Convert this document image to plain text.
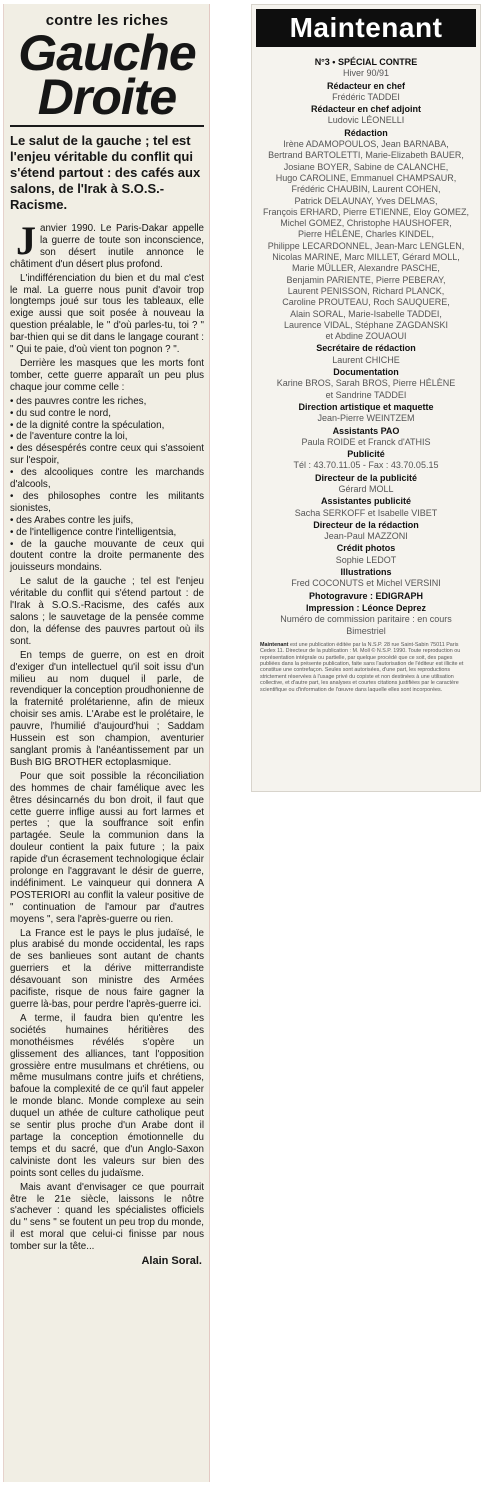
contre les riches
Gauche
Droite
Le salut de la gauche ; tel est l'enjeu véritable du conflit qui s'étend partout : des cafés aux salons, de l'Irak à S.O.S.-Racisme.
Janvier 1990. Le Paris-Dakar appelle la guerre de toute son inconscience, son désert inutile annonce le châtiment d'un désert plus profond.
L'indifférenciation du bien et du mal c'est le mal. La guerre nous punit d'avoir trop longtemps joué sur tous les tableaux, elle exige aussi que soit posée à nouveau la question préalable, le " d'où parles-tu, toi ? " bar-thien qui se dit dans le langage courant : " Qui te paie, d'où vient ton pognon ? ".
Derrière les masques que les morts font tomber, cette guerre apparaît un peu plus chaque jour comme celle :
• des pauvres contre les riches,
• du sud contre le nord,
• de la dignité contre la spéculation,
• de l'aventure contre la loi,
• des désespérés contre ceux qui s'assoient sur l'espoir,
• des alcooliques contre les marchands d'alcools,
• des philosophes contre les militants sionistes,
• des Arabes contre les juifs,
• de l'intelligence contre l'intelligentsia,
• de la gauche mouvante de ceux qui doutent contre la droite permanente des jouisseurs mondains.
Le salut de la gauche ; tel est l'enjeu véritable du conflit qui s'étend partout : de l'Irak à S.O.S.-Racisme, des cafés aux salons ; le sauvetage de la pensée comme don, la défense des pauvres partout où ils sont.
En temps de guerre, on est en droit d'exiger d'un intellectuel qu'il soit issu d'un milieu au nom duquel il parle, de revendiquer la conception proudhonienne de la fraternité prolétarienne, afin de mieux choisir ses amis. L'Arabe est le prolétaire, le pauvre, l'humilié d'aujourd'hui ; Saddam Hussein est son champion, aventurier sanglant promis à l'anéantissement par un Bush BIG BROTHER ectoplasmique.
Pour que soit possible la réconciliation des hommes de chair famélique avec les êtres désincarnés du bon droit, il faut que cette guerre inflige aussi au fort larmes et pertes ; que la souffrance soit enfin partagée. Seule la communion dans la douleur contient la paix future ; la paix rapide d'un écrasement technologique éclair prolonge en l'aggravant le désir de guerre, indéfiniment. Le vainqueur qui donnera A POSTERIORI au conflit la valeur positive de " continuation de l'amour par d'autres moyens ", sera l'après-guerre ou rien.
La France est le pays le plus judaïsé, le plus arabisé du monde occidental, les raps de ses banlieues sont autant de chants guerriers et la dérive mitterrandiste désavouant son ministre des Armées pacifiste, risque de nous faire gagner la guerre là-bas, pour perdre l'après-guerre ici.
A terme, il faudra bien qu'entre les sociétés humaines héritières des monothéismes révélés s'opère un glissement des alliances, tant l'opposition grossière entre musulmans et chrétiens, ou même musulmans contre juifs et chrétiens, bafoue la complexité de ce qu'il faut appeler le monde blanc. Monde complexe au sein duquel un athée de culture catholique peut se sentir plus proche d'un Arabe dont il partage la conception émotionnelle du temps et du sacré, que d'un Anglo-Saxon calviniste dont les valeurs sur bien des points sont celles du judaïsme.
Mais avant d'envisager ce que pourrait être le 21e siècle, laissons le nôtre s'achever : quand les spécialistes officiels du " sens " se foutent un peu trop du monde, il est moral que celui-ci finisse par nous tomber sur la tête...
Alain Soral.
Maintenant

N°3 • SPÉCIAL CONTRE

Hiver 90/91

Rédacteur en chef

Frédéric TADDEI

Rédacteur en chef adjoint

Ludovic LÉONELLI

Rédaction

Irène ADAMOPOULOS, Jean BARNABA,

Bertrand BARTOLETTI, Marie-Elizabeth BAUER,

Josiane BOYER, Sabine de CALANCHE,

Hugo CAROLINE, Emmanuel CHAMPSAUR,

Frédéric CHAUBIN, Laurent COHEN,

Patrick DELAUNAY, Yves DELMAS,

François ERHARD, Pierre ETIENNE, Eloy GOMEZ,

Michel GOMEZ, Christophe HAUSHOFER,

Pierre HÉLÈNE, Charles KINDEL,

Philippe LECARDONNEL, Jean-Marc LENGLEN,

Nicolas MARINE, Marc MILLET, Gérard MOLL,

Marie MÜLLER, Alexandre PASCHE,

Benjamin PARIENTE, Pierre PEBERAY,

Laurent PENISSON, Richard PLANCK,

Caroline PROUTEAU, Roch SAUQUERE,

Alain SORAL, Marie-Isabelle TADDEI,

Laurence VIDAL, Stéphane ZAGDANSKI

et Abdine ZOUAOUI

Secrétaire de rédaction

Laurent CHICHE

Documentation

Karine BROS, Sarah BROS, Pierre HÉLÈNE

et Sandrine TADDEI

Direction artistique et maquette

Jean-Pierre WEINTZEM

Assistants PAO

Paula ROIDE et Franck d'ATHIS

Publicité

Tél : 43.70.11.05 - Fax : 43.70.05.15

Directeur de la publicité

Gérard MOLL

Assistantes publicité

Sacha SERKOFF et Isabelle VIBET

Directeur de la rédaction

Jean-Paul MAZZONI

Crédit photos

Sophie LEDOT

Illustrations

Fred COCONUTS et Michel VERSINI

Photogravure : EDIGRAPH

Impression : Léonce Deprez

Numéro de commission paritaire : en cours

Bimestriel

Maintenant est une publication éditée par la N.S.P. 28 rue Saint-Sabin 75011 Paris Cedex 11. Directeur de la publication : M. Moll © N.S.P. 1990. Toute reproduction ou représentation intégrale ou partielle, par quelque procédé que ce soit, des pages publiées dans la présente publication, faite sans l'autorisation de l'éditeur est illicite et constitue une contrefaçon. Seules sont autorisées, d'une part, les reproductions strictement réservées à l'usage privé du copiste et non destinées à une utilisation collective, et d'autre part, les analyses et courtes citations justifiées par le caractère scientifique ou d'information de l'œuvre dans laquelle elles sont incorporées.
